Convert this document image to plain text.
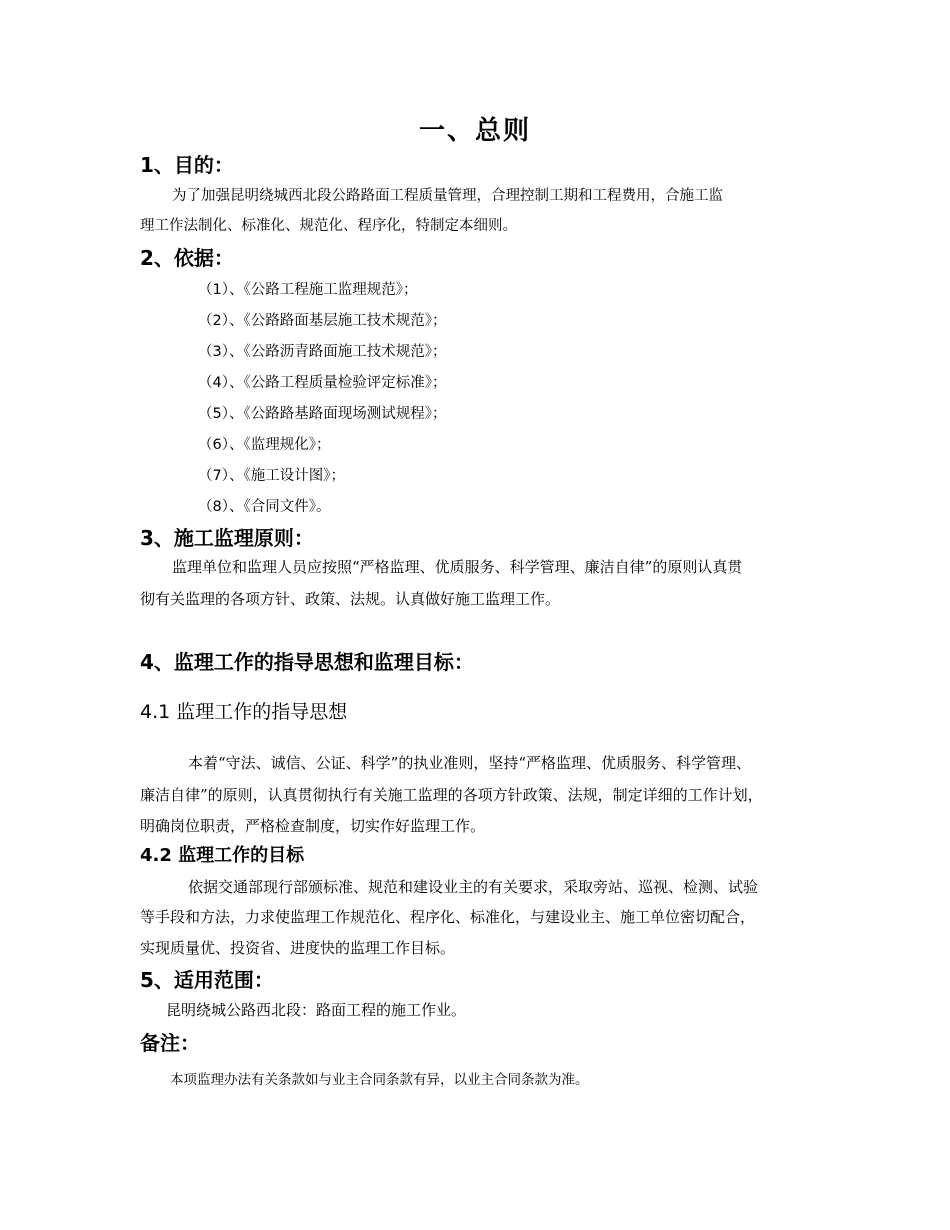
一、总则
1、目的：
为了加强昆明绕城西北段公路路面工程质量管理，合理控制工期和工程费用，合施工监
理工作法制化、标准化、规范化、程序化，特制定本细则。
2、依据：
（1）、《公路工程施工监理规范》；
（2）、《公路路面基层施工技术规范》；
（3）、《公路沥青路面施工技术规范》；
（4）、《公路工程质量检验评定标准》；
（5）、《公路路基路面现场测试规程》；
（6）、《监理规化》；
（7）、《施工设计图》；
（8）、《合同文件》。
3、施工监理原则：
监理单位和监理人员应按照“严格监理、优质服务、科学管理、廉洁自律”的原则认真贯
彻有关监理的各项方针、政策、法规。认真做好施工监理工作。
4、监理工作的指导思想和监理目标：
4.1 监理工作的指导思想
本着“守法、诚信、公证、科学”的执业准则，坚持“严格监理、优质服务、科学管理、
廉洁自律”的原则，认真贯彻执行有关施工监理的各项方针政策、法规，制定详细的工作计划，
明确岗位职责，严格检查制度，切实作好监理工作。
4.2 监理工作的目标
依据交通部现行部颁标准、规范和建设业主的有关要求，采取旁站、巡视、检测、试验
等手段和方法，力求使监理工作规范化、程序化、标准化，与建设业主、施工单位密切配合，
实现质量优、投资省、进度快的监理工作目标。
5、适用范围：
昆明绕城公路西北段：路面工程的施工作业。
备注：
本项监理办法有关条款如与业主合同条款有异，以业主合同条款为准。
